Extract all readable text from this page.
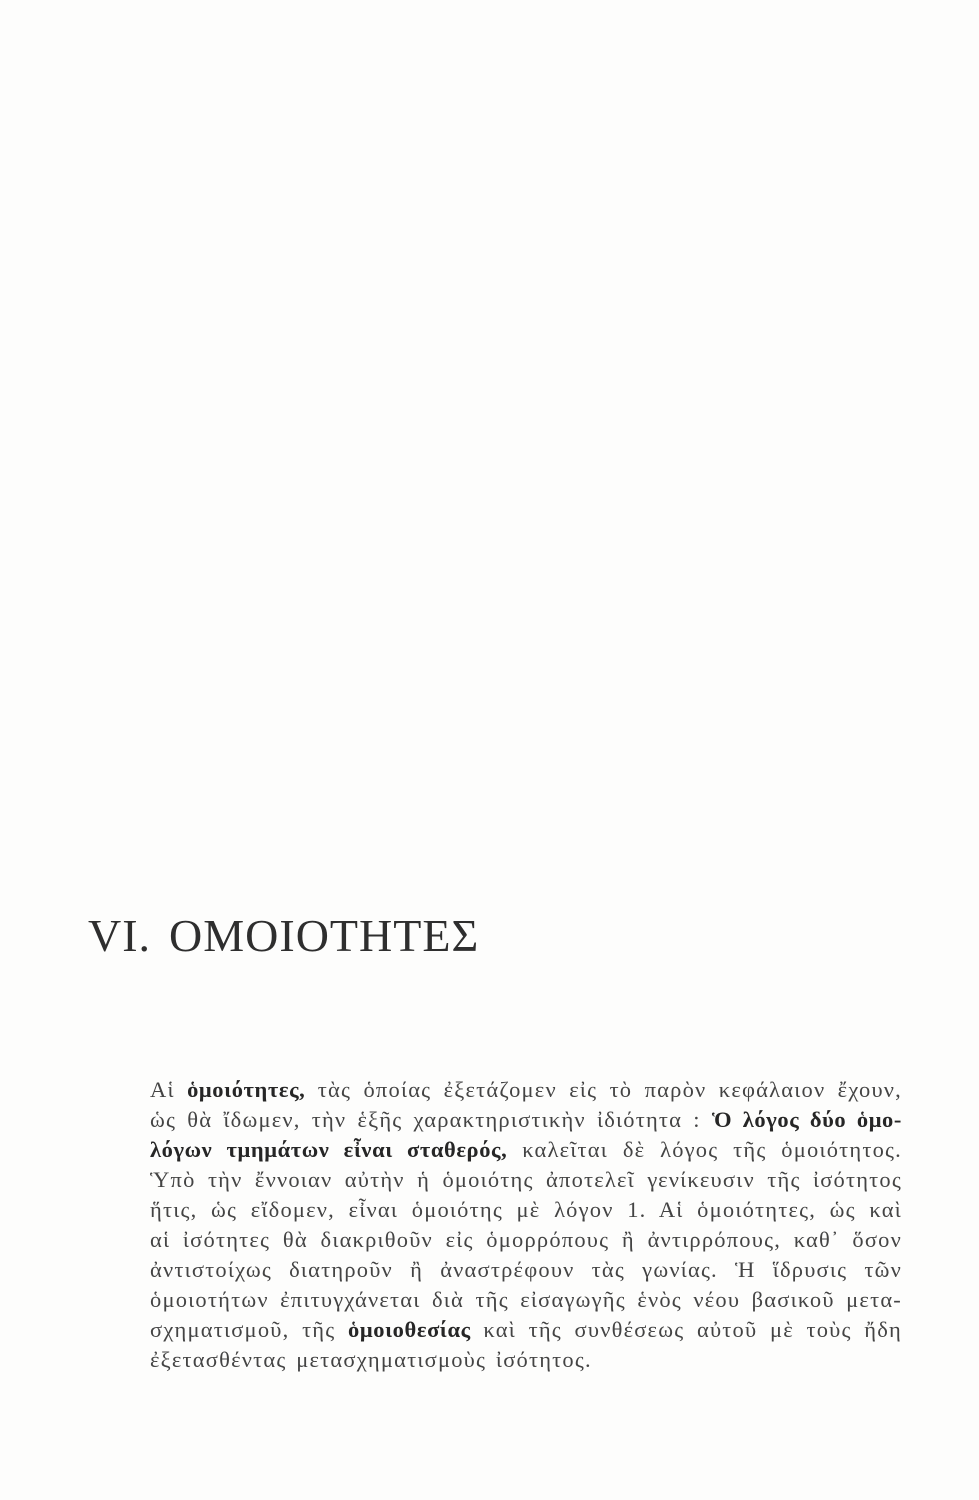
VI. ΟΜΟΙΟΤΗΤΕΣ
Αἱ ὁμοιότητες, τὰς ὁποίας ἐξετάζομεν εἰς τὸ παρὸν κεφάλαιον ἔχουν,
ὡς θὰ ἴδωμεν, τὴν ἑξῆς χαρακτηριστικὴν ἰδιότητα : Ὁ λόγος δύο ὁμο-
λόγων τμημάτων εἶναι σταθερός, καλεῖται δὲ λόγος τῆς ὁμοιότητος.
Ὑπὸ τὴν ἔννοιαν αὐτὴν ἡ ὁμοιότης ἀποτελεῖ γενίκευσιν τῆς ἰσότητος
ἥτις, ὡς εἴδομεν, εἶναι ὁμοιότης μὲ λόγον 1. Αἱ ὁμοιότητες, ὡς καὶ
αἱ ἰσότητες θὰ διακριθοῦν εἰς ὁμορρόπους ἢ ἀντιρρόπους, καθ᾿ ὅσον
ἀντιστοίχως διατηροῦν ἢ ἀναστρέφουν τὰς γωνίας. Ἡ ἵδρυσις τῶν
ὁμοιοτήτων ἐπιτυγχάνεται διὰ τῆς εἰσαγωγῆς ἑνὸς νέου βασικοῦ μετα-
σχηματισμοῦ, τῆς ὁμοιοθεσίας καὶ τῆς συνθέσεως αὐτοῦ μὲ τοὺς ἤδη
ἐξετασθέντας μετασχηματισμοὺς ἰσότητος.
